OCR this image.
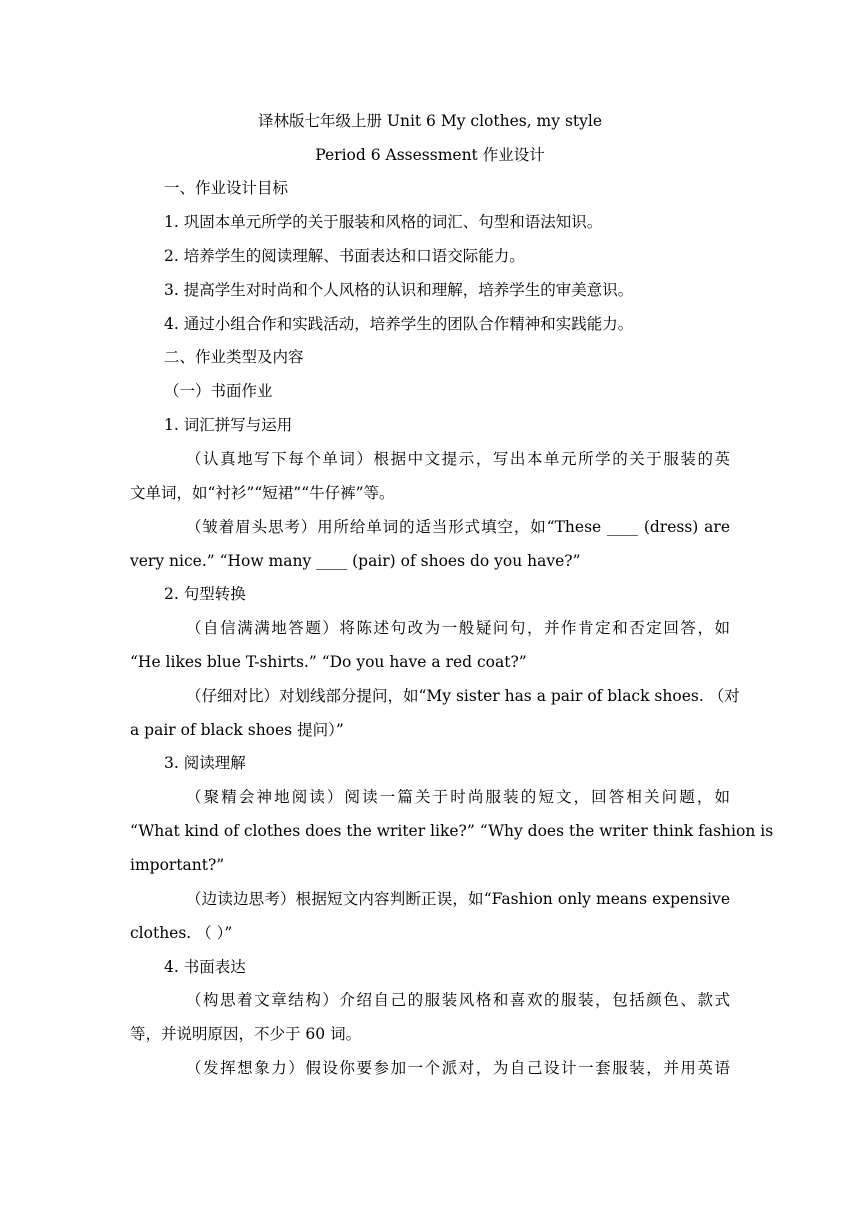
译林版七年级上册 Unit 6 My clothes, my style
Period 6 Assessment 作业设计
一、作业设计目标
1. 巩固本单元所学的关于服装和风格的词汇、句型和语法知识。
2. 培养学生的阅读理解、书面表达和口语交际能力。
3. 提高学生对时尚和个人风格的认识和理解，培养学生的审美意识。
4. 通过小组合作和实践活动，培养学生的团队合作精神和实践能力。
二、作业类型及内容
（一）书面作业
1. 词汇拼写与运用
（认真地写下每个单词）根据中文提示，写出本单元所学的关于服装的英
文单词，如“衬衫”“短裙”“牛仔裤”等。
（皱着眉头思考）用所给单词的适当形式填空，如“These ____ (dress) are
very nice.” “How many ____ (pair) of shoes do you have?”
2. 句型转换
（自信满满地答题）将陈述句改为一般疑问句，并作肯定和否定回答，如
“He likes blue T-shirts.” “Do you have a red coat?”
（仔细对比）对划线部分提问，如“My sister has a pair of black shoes. （对
a pair of black shoes 提问）”
3. 阅读理解
（聚精会神地阅读）阅读一篇关于时尚服装的短文，回答相关问题，如
“What kind of clothes does the writer like?” “Why does the writer think fashion is
important?”
（边读边思考）根据短文内容判断正误，如“Fashion only means expensive
clothes. （ ）”
4. 书面表达
（构思着文章结构）介绍自己的服装风格和喜欢的服装，包括颜色、款式
等，并说明原因，不少于 60 词。
（发挥想象力）假设你要参加一个派对，为自己设计一套服装，并用英语
